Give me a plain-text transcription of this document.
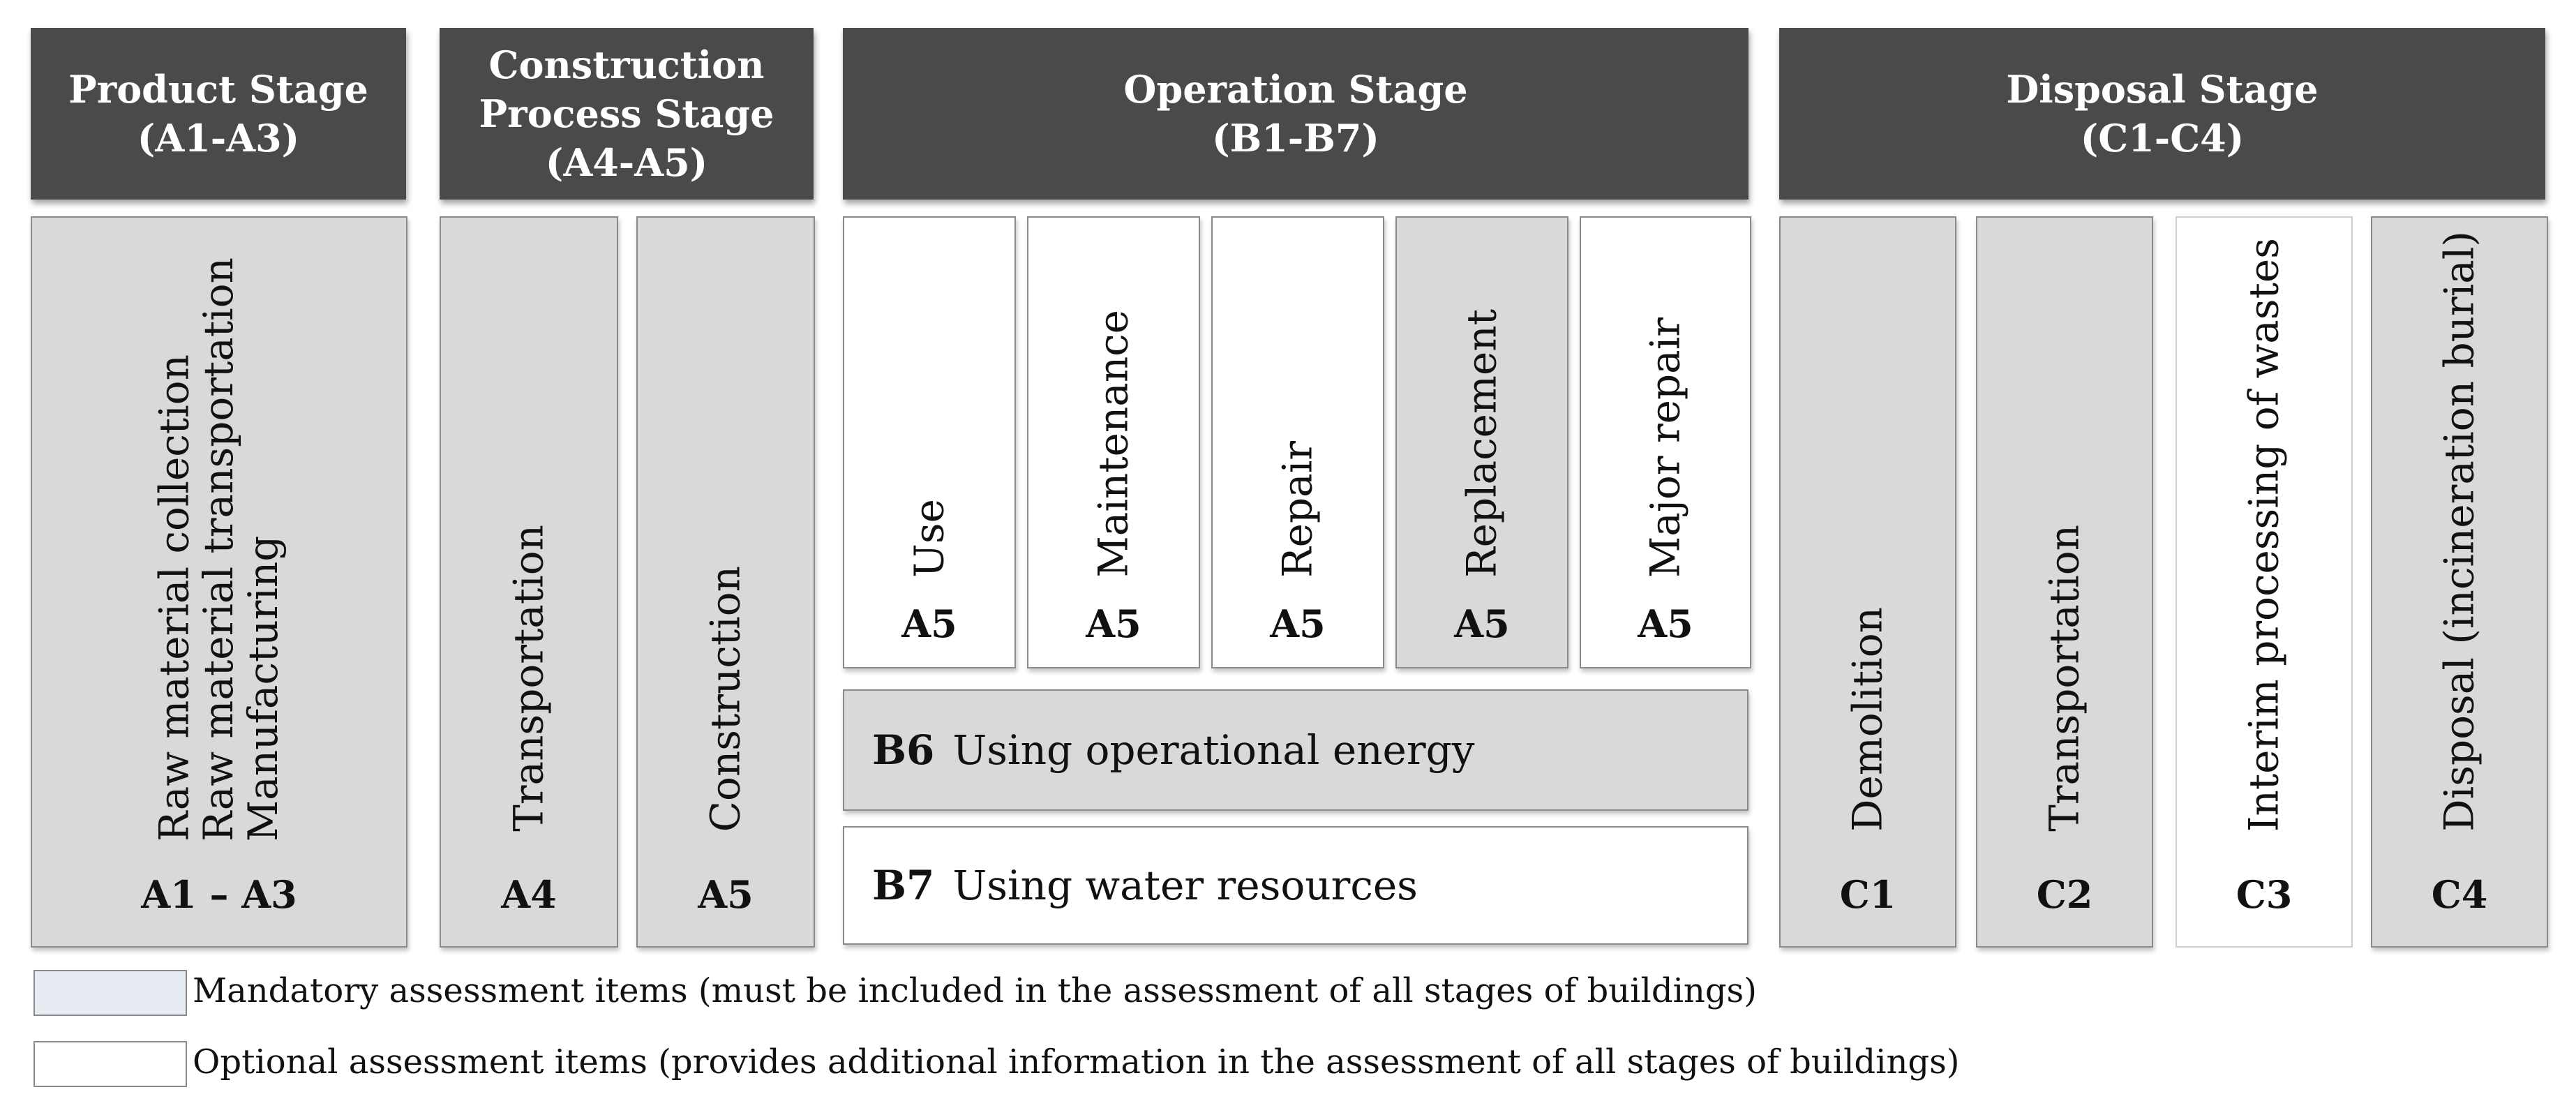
Product Stage
(A1-A3)
Construction
Process Stage
(A4-A5)
Operation Stage
(B1-B7)
Disposal Stage
(C1-C4)
Raw material collection
Raw material transportation
Manufacturing
A1 – A3
Transportation
A4
Construction
A5
Use
A5
Maintenance
A5
Repair
A5
Replacement
A5
Major repair
A5
B6 Using operational energy
B7 Using water resources
Demolition
C1
Transportation
C2
Interim processing of wastes
C3
Disposal (incineration burial)
C4
Mandatory assessment items (must be included in the assessment of all stages of buildings)
Optional assessment items (provides additional information in the assessment of all stages of buildings)
